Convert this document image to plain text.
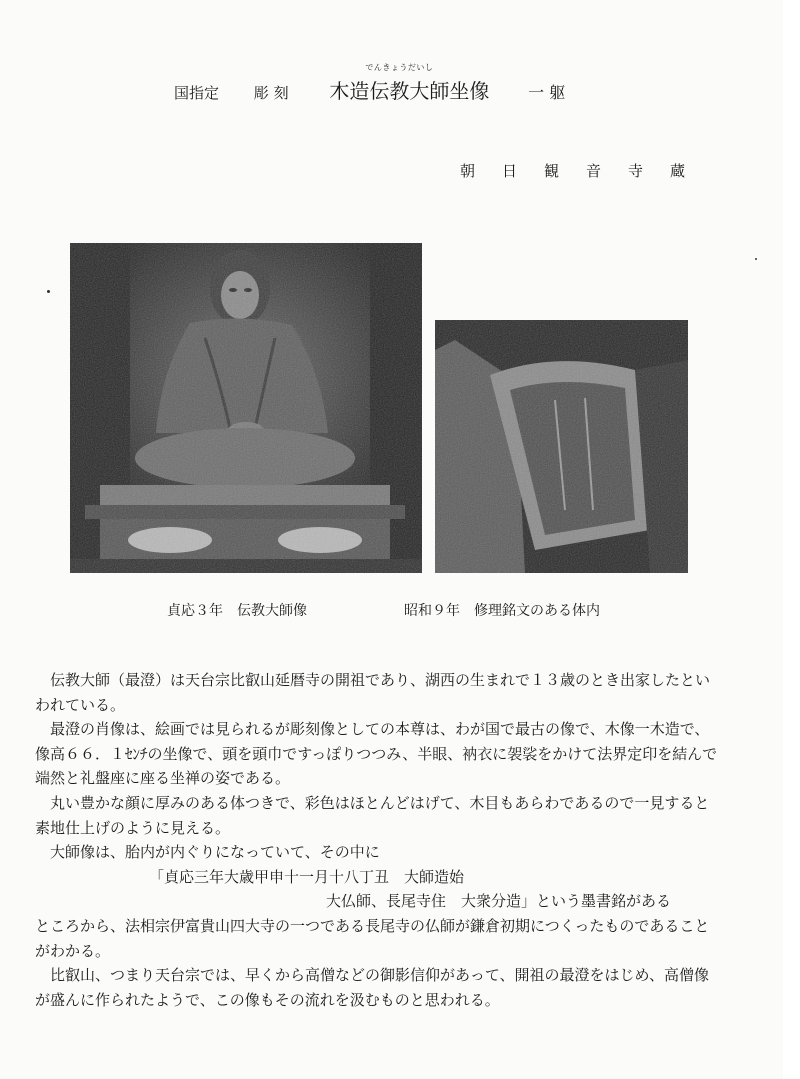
国指定 彫 刻
でんきょうだいし
木造伝教大師坐像 一 躯
朝日観音寺蔵
貞応３年　伝教大師像	昭和９年　修理銘文のある体内

伝教大師（最澄）は天台宗比叡山延暦寺の開祖であり、湖西の生まれで１３歳のとき出家したといわれている。

最澄の肖像は、絵画では見られるが彫刻像としての本尊は、わが国で最古の像で、木像一木造で、像高６６．１ｾﾝﾁの坐像で、頭を頭巾ですっぽりつつみ、半眼、衲衣に袈裟をかけて法界定印を結んで端然と礼盤座に座る坐禅の姿である。

丸い豊かな顔に厚みのある体つきで、彩色はほとんどはげて、木目もあらわであるので一見すると素地仕上げのように見える。

大師像は、胎内が内ぐりになっていて、その中に

「貞応三年大歳甲申十一月十八丁丑　大師造始

大仏師、長尾寺住　大衆分造」という墨書銘がある

ところから、法相宗伊富貴山四大寺の一つである長尾寺の仏師が鎌倉初期につくったものであることがわかる。

比叡山、つまり天台宗では、早くから高僧などの御影信仰があって、開祖の最澄をはじめ、高僧像が盛んに作られたようで、この像もその流れを汲むものと思われる。
